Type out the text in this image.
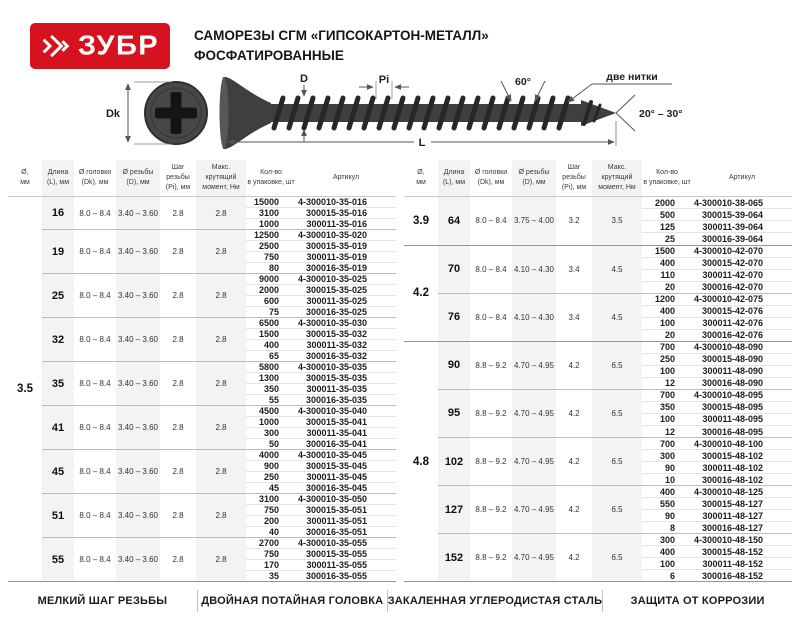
ЗУБР	САМОРЕЗЫ СГМ «ГИПСОКАРТОН-МЕТАЛЛ»
ФОСФАТИРОВАННЫЕ
Dk
D	Pi	60°	две нитки
20° – 30°
L
Ø,
мм

Длина
(L), мм

Ø головки
(Dk), мм

Ø резьбы
(D), мм

Шаг резьбы
(Pi), мм

Макс. крутящий
момент, Нм

Кол-во
в упаковке, шт

Артикул

3.5	16	8.0 – 8.4	3.40 – 3.60	2.8	2.8	15000	4-300010-35-016
						3100	300015-35-016
						1000	300011-35-016
	19	8.0 – 8.4	3.40 – 3.60	2.8	2.8	12500	4-300010-35-020
						2500	300015-35-019
						750	300011-35-019
						80	300016-35-019
	25	8.0 – 8.4	3.40 – 3.60	2.8	2.8	9000	4-300010-35-025
						2000	300015-35-025
						600	300011-35-025
						75	300016-35-025
	32	8.0 – 8.4	3.40 – 3.60	2.8	2.8	6500	4-300010-35-030
						1500	300015-35-032
						400	300011-35-032
						65	300016-35-032
	35	8.0 – 8.4	3.40 – 3.60	2.8	2.8	5800	4-300010-35-035
						1300	300015-35-035
						350	300011-35-035
						55	300016-35-035
	41	8.0 – 8.4	3.40 – 3.60	2.8	2.8	4500	4-300010-35-040
						1000	300015-35-041
						300	300011-35-041
						50	300016-35-041
	45	8.0 – 8.4	3.40 – 3.60	2.8	2.8	4000	4-300010-35-045
						900	300015-35-045
						250	300011-35-045
						45	300016-35-045
	51	8.0 – 8.4	3.40 – 3.60	2.8	2.8	3100	4-300010-35-050
						750	300015-35-051
						200	300011-35-051
						40	300016-35-051
	55	8.0 – 8.4	3.40 – 3.60	2.8	2.8	2700	4-300010-35-055
						750	300015-35-055
						170	300011-35-055
						35	300016-35-055
Ø,
мм

Длина
(L), мм

Ø головки
(Dk), мм

Ø резьбы
(D), мм

Шаг резьбы
(Pi), мм

Макс. крутящий
момент, Нм

Кол-во
в упаковке, шт

Артикул

3.9	64	8.0 – 8.4	3.75 – 4.00	3.2	3.5	2000	4-300010-38-065
						500	300015-39-064
						125	300011-39-064
						25	300016-39-064
4.2	70	8.0 – 8.4	4.10 – 4.30	3.4	4.5	1500	4-300010-42-070
						400	300015-42-070
						110	300011-42-070
						20	300016-42-070
	76	8.0 – 8.4	4.10 – 4.30	3.4	4.5	1200	4-300010-42-075
						400	300015-42-076
						100	300011-42-076
						20	300016-42-076
4.8	90	8.8 – 9.2	4.70 – 4.95	4.2	6.5	700	4-300010-48-090
						250	300015-48-090
						100	300011-48-090
						12	300016-48-090
	95	8.8 – 9.2	4.70 – 4.95	4.2	6.5	700	4-300010-48-095
						350	300015-48-095
						100	300011-48-095
						12	300016-48-095
	102	8.8 – 9.2	4.70 – 4.95	4.2	6.5	700	4-300010-48-100
						300	300015-48-102
						90	300011-48-102
						10	300016-48-102
	127	8.8 – 9.2	4.70 – 4.95	4.2	6.5	400	4-300010-48-125
						550	300015-48-127
						90	300011-48-127
						8	300016-48-127
	152	8.8 – 9.2	4.70 – 4.95	4.2	6.5	300	4-300010-48-150
						400	300015-48-152
						100	300011-48-152
						6	300016-48-152
МЕЛКИЙ ШАГ РЕЗЬБЫ	ДВОЙНАЯ ПОТАЙНАЯ ГОЛОВКА ЗАКАЛЕННАЯ УГЛЕРОДИСТАЯ СТАЛЬ	ЗАЩИТА ОТ КОРРОЗИИ
